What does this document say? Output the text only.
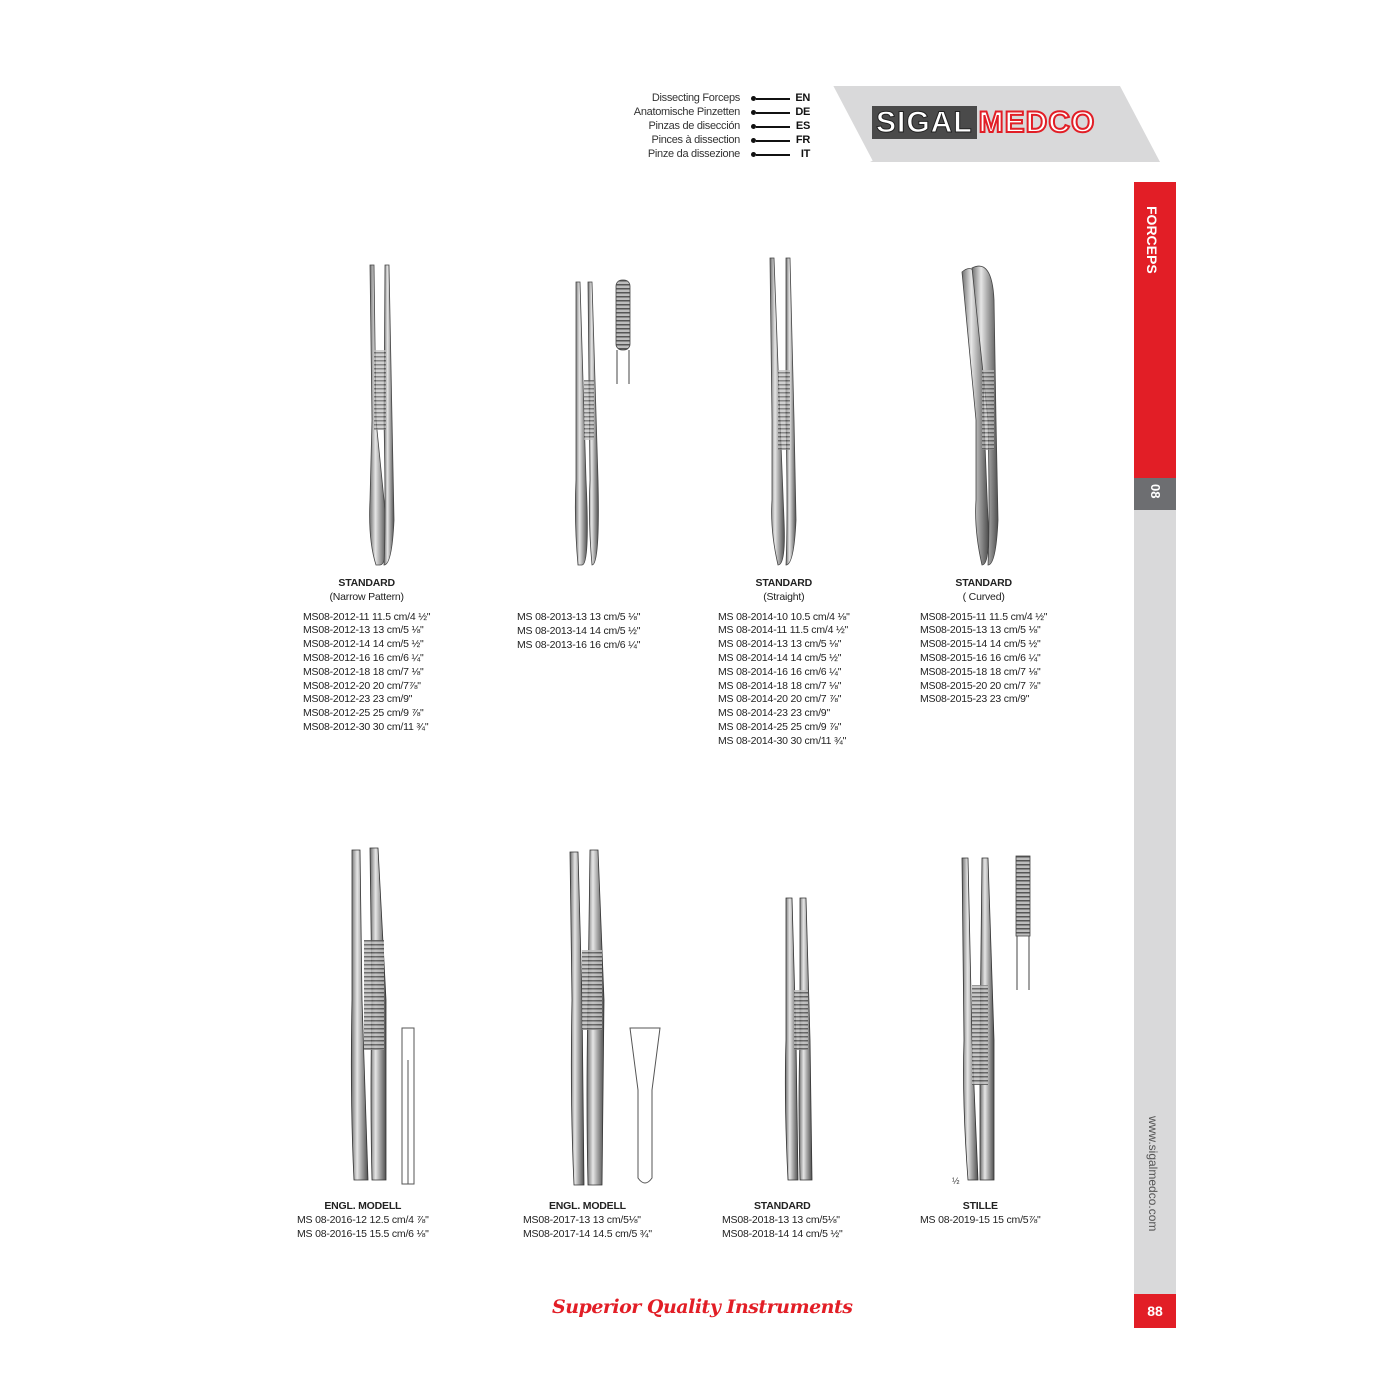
Dissecting Forceps	EN
Anatomische Pinzetten	DE
Pinzas de disección	ES
Pinces à dissection	FR
Pinze da dissezione	IT
SIGAL MEDCO
FORCEPS
08
www.sigalmedco.com
88
STANDARD
(Narrow Pattern)
MS08-2012-11 11.5 cm/4 ½"
MS08-2012-13 13 cm/5 ⅛"
MS08-2012-14 14 cm/5 ½"
MS08-2012-16 16 cm/6 ¼"
MS08-2012-18 18 cm/7 ⅛"
MS08-2012-20 20 cm/7⅞"
MS08-2012-23 23 cm/9"
MS08-2012-25 25 cm/9 ⅞"
MS08-2012-30 30 cm/11 ¾"
MS 08-2013-13 13 cm/5 ⅛"
MS 08-2013-14 14 cm/5 ½"
MS 08-2013-16 16 cm/6 ¼"
STANDARD
(Straight)
MS 08-2014-10 10.5 cm/4 ⅛"
MS 08-2014-11 11.5 cm/4 ½"
MS 08-2014-13 13 cm/5 ⅛"
MS 08-2014-14 14 cm/5 ½"
MS 08-2014-16 16 cm/6 ¼"
MS 08-2014-18 18 cm/7 ⅛"
MS 08-2014-20 20 cm/7 ⅞"
MS 08-2014-23 23 cm/9"
MS 08-2014-25 25 cm/9 ⅞"
MS 08-2014-30 30 cm/11 ¾"
STANDARD
( Curved)
MS08-2015-11 11.5 cm/4 ½"
MS08-2015-13 13 cm/5 ⅛"
MS08-2015-14 14 cm/5 ½"
MS08-2015-16 16 cm/6 ¼"
MS08-2015-18 18 cm/7 ⅛"
MS08-2015-20 20 cm/7 ⅞"
MS08-2015-23 23 cm/9"
ENGL. MODELL
MS 08-2016-12 12.5 cm/4 ⅞"
MS 08-2016-15 15.5 cm/6 ⅛"
ENGL. MODELL
MS08-2017-13 13 cm/5⅛"
MS08-2017-14 14.5 cm/5 ¾"
STANDARD
MS08-2018-13 13 cm/5⅛"
MS08-2018-14 14 cm/5 ½"
½
STILLE
MS 08-2019-15 15 cm/5⅞"
Superior Quality Instruments
